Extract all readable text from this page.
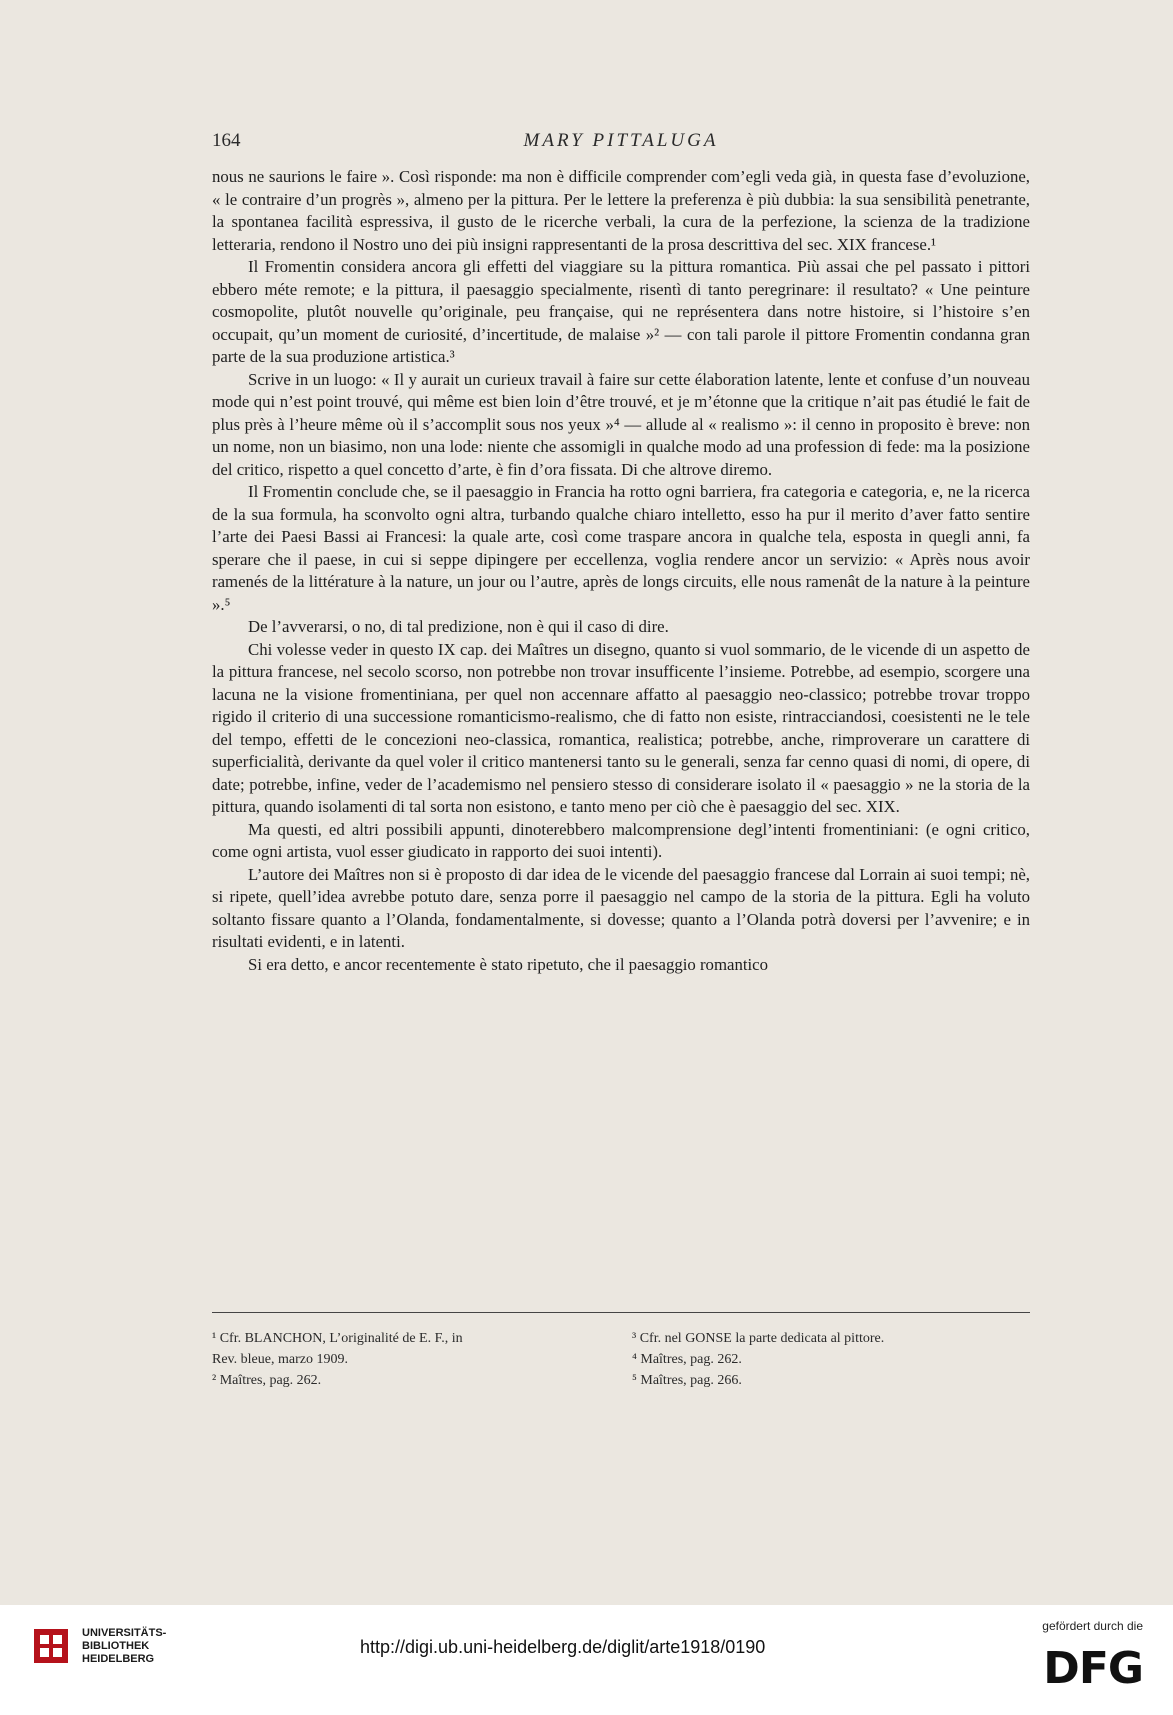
164	MARY PITTALUGA

nous ne saurions le faire ». Così risponde: ma non è difficile comprender com’egli veda già, in questa fase d’evoluzione, « le contraire d’un progrès », almeno per la pittura. Per le lettere la preferenza è più dubbia: la sua sensibilità penetrante, la spontanea facilità espressiva, il gusto de le ricerche verbali, la cura de la perfezione, la scienza de la tradizione letteraria, rendono il Nostro uno dei più insigni rappresentanti de la prosa descrittiva del sec. XIX francese.¹

Il Fromentin considera ancora gli effetti del viaggiare su la pittura romantica. Più assai che pel passato i pittori ebbero méte remote; e la pittura, il paesaggio specialmente, risentì di tanto peregrinare: il resultato? « Une peinture cosmopolite, plutôt nouvelle qu’originale, peu française, qui ne représentera dans notre histoire, si l’histoire s’en occupait, qu’un moment de curiosité, d’incertitude, de malaise »² — con tali parole il pittore Fromentin condanna gran parte de la sua produzione artistica.³

Scrive in un luogo: « Il y aurait un curieux travail à faire sur cette élaboration latente, lente et confuse d’un nouveau mode qui n’est point trouvé, qui même est bien loin d’être trouvé, et je m’étonne que la critique n’ait pas étudié le fait de plus près à l’heure même où il s’accomplit sous nos yeux »⁴ — allude al « realismo »: il cenno in proposito è breve: non un nome, non un biasimo, non una lode: niente che assomigli in qualche modo ad una profession di fede: ma la posizione del critico, rispetto a quel concetto d’arte, è fin d’ora fissata. Di che altrove diremo.

Il Fromentin conclude che, se il paesaggio in Francia ha rotto ogni barriera, fra categoria e categoria, e, ne la ricerca de la sua formula, ha sconvolto ogni altra, turbando qualche chiaro intelletto, esso ha pur il merito d’aver fatto sentire l’arte dei Paesi Bassi ai Francesi: la quale arte, così come traspare ancora in qualche tela, esposta in quegli anni, fa sperare che il paese, in cui si seppe dipingere per eccellenza, voglia rendere ancor un servizio: « Après nous avoir ramenés de la littérature à la nature, un jour ou l’autre, après de longs circuits, elle nous ramenât de la nature à la peinture ».⁵

De l’avverarsi, o no, di tal predizione, non è qui il caso di dire.

Chi volesse veder in questo IX cap. dei Maîtres un disegno, quanto si vuol sommario, de le vicende di un aspetto de la pittura francese, nel secolo scorso, non potrebbe non trovar insufficente l’insieme. Potrebbe, ad esempio, scorgere una lacuna ne la visione fromentiniana, per quel non accennare affatto al paesaggio neo-classico; potrebbe trovar troppo rigido il criterio di una successione romanticismo-realismo, che di fatto non esiste, rintracciandosi, coesistenti ne le tele del tempo, effetti de le concezioni neo-classica, romantica, realistica; potrebbe, anche, rimproverare un carattere di superficialità, derivante da quel voler il critico mantenersi tanto su le generali, senza far cenno quasi di nomi, di opere, di date; potrebbe, infine, veder de l’academismo nel pensiero stesso di considerare isolato il « paesaggio » ne la storia de la pittura, quando isolamenti di tal sorta non esistono, e tanto meno per ciò che è paesaggio del sec. XIX.

Ma questi, ed altri possibili appunti, dinoterebbero malcomprensione degl’intenti fromentiniani: (e ogni critico, come ogni artista, vuol esser giudicato in rapporto dei suoi intenti).

L’autore dei Maîtres non si è proposto di dar idea de le vicende del paesaggio francese dal Lorrain ai suoi tempi; nè, si ripete, quell’idea avrebbe potuto dare, senza porre il paesaggio nel campo de la storia de la pittura. Egli ha voluto soltanto fissare quanto a l’Olanda, fondamentalmente, si dovesse; quanto a l’Olanda potrà doversi per l’avvenire; e in risultati evidenti, e in latenti.

Si era detto, e ancor recentemente è stato ripetuto, che il paesaggio romantico

¹ Cfr. BLANCHON, L’originalité de E. F., in
Rev. bleue, marzo 1909.
² Maîtres, pag. 262.
³ Cfr. nel GONSE la parte dedicata al pittore.
⁴ Maîtres, pag. 262.
⁵ Maîtres, pag. 266.
UNIVERSITÄTS-
BIBLIOTHEK
HEIDELBERG
http://digi.ub.uni-heidelberg.de/diglit/arte1918/0190
gefördert durch die
DFG
